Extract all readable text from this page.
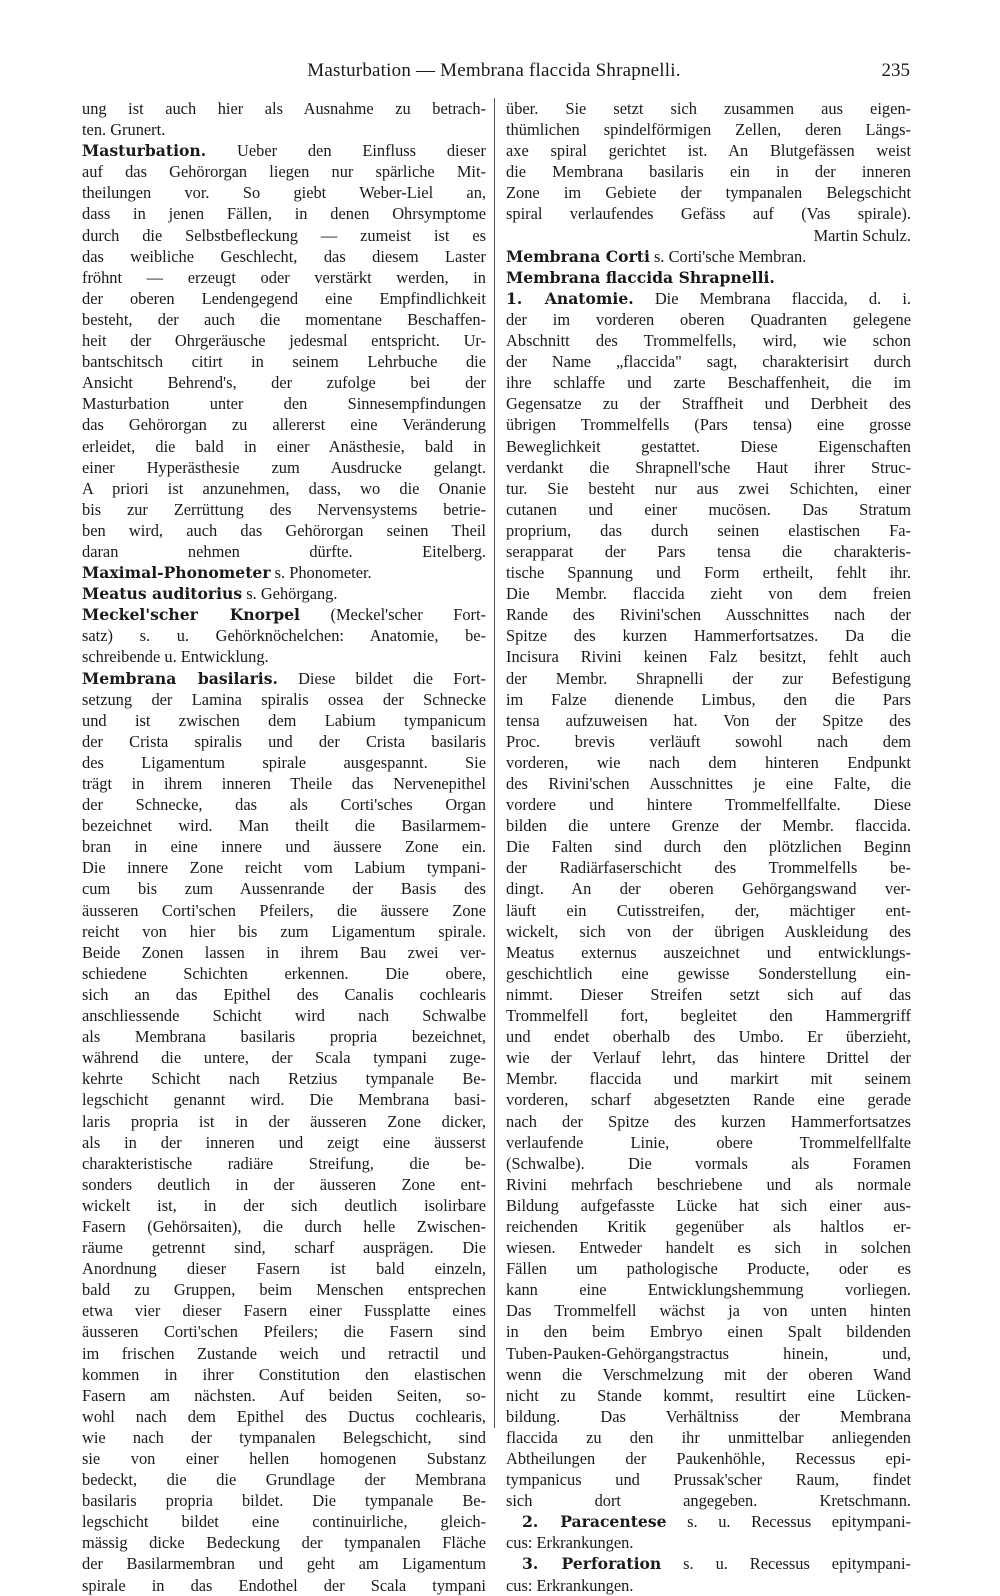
Masturbation — Membrana flaccida Shrapnelli.	235
ung ist auch hier als Ausnahme zu betrach-
ten. Grunert.
Masturbation. Ueber den Einfluss dieser
auf das Gehörorgan liegen nur spärliche Mit-
theilungen vor. So giebt Weber-Liel an,
dass in jenen Fällen, in denen Ohrsymptome
durch die Selbstbefleckung — zumeist ist es
das weibliche Geschlecht, das diesem Laster
fröhnt — erzeugt oder verstärkt werden, in
der oberen Lendengegend eine Empfindlichkeit
besteht, der auch die momentane Beschaffen-
heit der Ohrgeräusche jedesmal entspricht. Ur-
bantschitsch citirt in seinem Lehrbuche die
Ansicht Behrend's, der zufolge bei der
Masturbation unter den Sinnesempfindungen
das Gehörorgan zu allererst eine Veränderung
erleidet, die bald in einer Anästhesie, bald in
einer Hyperästhesie zum Ausdrucke gelangt.
A priori ist anzunehmen, dass, wo die Onanie
bis zur Zerrüttung des Nervensystems betrie-
ben wird, auch das Gehörorgan seinen Theil
daran nehmen dürfte. Eitelberg.
Maximal-Phonometer s. Phonometer.
Meatus auditorius s. Gehörgang.
Meckel'scher Knorpel (Meckel'scher Fort-
satz) s. u. Gehörknöchelchen: Anatomie, be-
schreibende u. Entwicklung.
Membrana basilaris. Diese bildet die Fort-
setzung der Lamina spiralis ossea der Schnecke
und ist zwischen dem Labium tympanicum
der Crista spiralis und der Crista basilaris
des Ligamentum spirale ausgespannt. Sie
trägt in ihrem inneren Theile das Nervenepithel
der Schnecke, das als Corti'sches Organ
bezeichnet wird. Man theilt die Basilarmem-
bran in eine innere und äussere Zone ein.
Die innere Zone reicht vom Labium tympani-
cum bis zum Aussenrande der Basis des
äusseren Corti'schen Pfeilers, die äussere Zone
reicht von hier bis zum Ligamentum spirale.
Beide Zonen lassen in ihrem Bau zwei ver-
schiedene Schichten erkennen. Die obere,
sich an das Epithel des Canalis cochlearis
anschliessende Schicht wird nach Schwalbe
als Membrana basilaris propria bezeichnet,
während die untere, der Scala tympani zuge-
kehrte Schicht nach Retzius tympanale Be-
legschicht genannt wird. Die Membrana basi-
laris propria ist in der äusseren Zone dicker,
als in der inneren und zeigt eine äusserst
charakteristische radiäre Streifung, die be-
sonders deutlich in der äusseren Zone ent-
wickelt ist, in der sich deutlich isolirbare
Fasern (Gehörsaiten), die durch helle Zwischen-
räume getrennt sind, scharf ausprägen. Die
Anordnung dieser Fasern ist bald einzeln,
bald zu Gruppen, beim Menschen entsprechen
etwa vier dieser Fasern einer Fussplatte eines
äusseren Corti'schen Pfeilers; die Fasern sind
im frischen Zustande weich und retractil und
kommen in ihrer Constitution den elastischen
Fasern am nächsten. Auf beiden Seiten, so-
wohl nach dem Epithel des Ductus cochlearis,
wie nach der tympanalen Belegschicht, sind
sie von einer hellen homogenen Substanz
bedeckt, die die Grundlage der Membrana
basilaris propria bildet. Die tympanale Be-
legschicht bildet eine continuirliche, gleich-
mässig dicke Bedeckung der tympanalen Fläche
der Basilarmembran und geht am Ligamentum
spirale in das Endothel der Scala tympani
über. Sie setzt sich zusammen aus eigen-
thümlichen spindelförmigen Zellen, deren Längs-
axe spiral gerichtet ist. An Blutgefässen weist
die Membrana basilaris ein in der inneren
Zone im Gebiete der tympanalen Belegschicht
spiral verlaufendes Gefäss auf (Vas spirale).
Martin Schulz.
Membrana Corti s. Corti'sche Membran.
Membrana flaccida Shrapnelli.
1. Anatomie. Die Membrana flaccida, d. i.
der im vorderen oberen Quadranten gelegene
Abschnitt des Trommelfells, wird, wie schon
der Name „flaccida" sagt, charakterisirt durch
ihre schlaffe und zarte Beschaffenheit, die im
Gegensatze zu der Straffheit und Derbheit des
übrigen Trommelfells (Pars tensa) eine grosse
Beweglichkeit gestattet. Diese Eigenschaften
verdankt die Shrapnell'sche Haut ihrer Struc-
tur. Sie besteht nur aus zwei Schichten, einer
cutanen und einer mucösen. Das Stratum
proprium, das durch seinen elastischen Fa-
serapparat der Pars tensa die charakteris-
tische Spannung und Form ertheilt, fehlt ihr.
Die Membr. flaccida zieht von dem freien
Rande des Rivini'schen Ausschnittes nach der
Spitze des kurzen Hammerfortsatzes. Da die
Incisura Rivini keinen Falz besitzt, fehlt auch
der Membr. Shrapnelli der zur Befestigung
im Falze dienende Limbus, den die Pars
tensa aufzuweisen hat. Von der Spitze des
Proc. brevis verläuft sowohl nach dem
vorderen, wie nach dem hinteren Endpunkt
des Rivini'schen Ausschnittes je eine Falte, die
vordere und hintere Trommelfellfalte. Diese
bilden die untere Grenze der Membr. flaccida.
Die Falten sind durch den plötzlichen Beginn
der Radiärfaserschicht des Trommelfells be-
dingt. An der oberen Gehörgangswand ver-
läuft ein Cutisstreifen, der, mächtiger ent-
wickelt, sich von der übrigen Auskleidung des
Meatus externus auszeichnet und entwicklungs-
geschichtlich eine gewisse Sonderstellung ein-
nimmt. Dieser Streifen setzt sich auf das
Trommelfell fort, begleitet den Hammergriff
und endet oberhalb des Umbo. Er überzieht,
wie der Verlauf lehrt, das hintere Drittel der
Membr. flaccida und markirt mit seinem
vorderen, scharf abgesetzten Rande eine gerade
nach der Spitze des kurzen Hammerfortsatzes
verlaufende Linie, obere Trommelfellfalte
(Schwalbe). Die vormals als Foramen
Rivini mehrfach beschriebene und als normale
Bildung aufgefasste Lücke hat sich einer aus-
reichenden Kritik gegenüber als haltlos er-
wiesen. Entweder handelt es sich in solchen
Fällen um pathologische Producte, oder es
kann eine Entwicklungshemmung vorliegen.
Das Trommelfell wächst ja von unten hinten
in den beim Embryo einen Spalt bildenden
Tuben-Pauken-Gehörgangstractus hinein, und,
wenn die Verschmelzung mit der oberen Wand
nicht zu Stande kommt, resultirt eine Lücken-
bildung. Das Verhältniss der Membrana
flaccida zu den ihr unmittelbar anliegenden
Abtheilungen der Paukenhöhle, Recessus epi-
tympanicus und Prussak'scher Raum, findet
sich dort angegeben. Kretschmann.
2. Paracentese s. u. Recessus epitympani-
cus: Erkrankungen.
3. Perforation s. u. Recessus epitympani-
cus: Erkrankungen.
